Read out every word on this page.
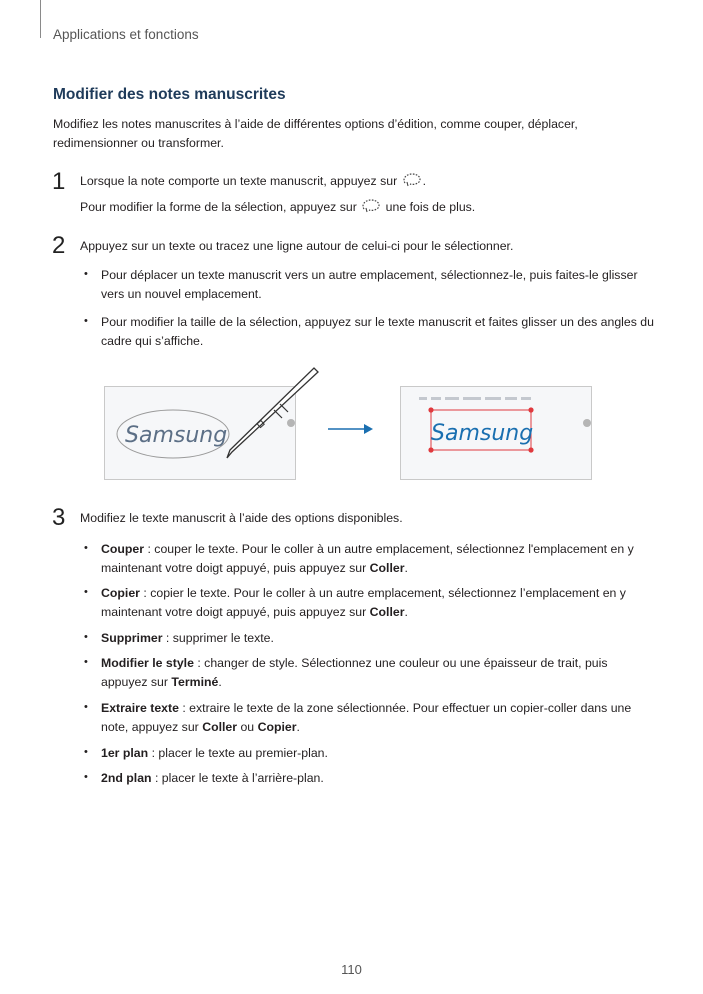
Applications et fonctions
Modifier des notes manuscrites
Modifiez les notes manuscrites à l’aide de différentes options d’édition, comme couper, déplacer, redimensionner ou transformer.
1 Lorsque la note comporte un texte manuscrit, appuyez sur .
Pour modifier la forme de la sélection, appuyez sur une fois de plus.
2 Appuyez sur un texte ou tracez une ligne autour de celui-ci pour le sélectionner.
• Pour déplacer un texte manuscrit vers un autre emplacement, sélectionnez-le, puis faites-le glisser vers un nouvel emplacement.
• Pour modifier la taille de la sélection, appuyez sur le texte manuscrit et faites glisser un des angles du cadre qui s’affiche.
Samsung	Samsung
3 Modifiez le texte manuscrit à l’aide des options disponibles.
• Couper : couper le texte. Pour le coller à un autre emplacement, sélectionnez l'emplacement en y maintenant votre doigt appuyé, puis appuyez sur Coller.
• Copier : copier le texte. Pour le coller à un autre emplacement, sélectionnez l’emplacement en y maintenant votre doigt appuyé, puis appuyez sur Coller.
• Supprimer : supprimer le texte.
• Modifier le style : changer de style. Sélectionnez une couleur ou une épaisseur de trait, puis appuyez sur Terminé.
• Extraire texte : extraire le texte de la zone sélectionnée. Pour effectuer un copier-coller dans une note, appuyez sur Coller ou Copier.
• 1er plan : placer le texte au premier-plan.
• 2nd plan : placer le texte à l’arrière-plan.
110
